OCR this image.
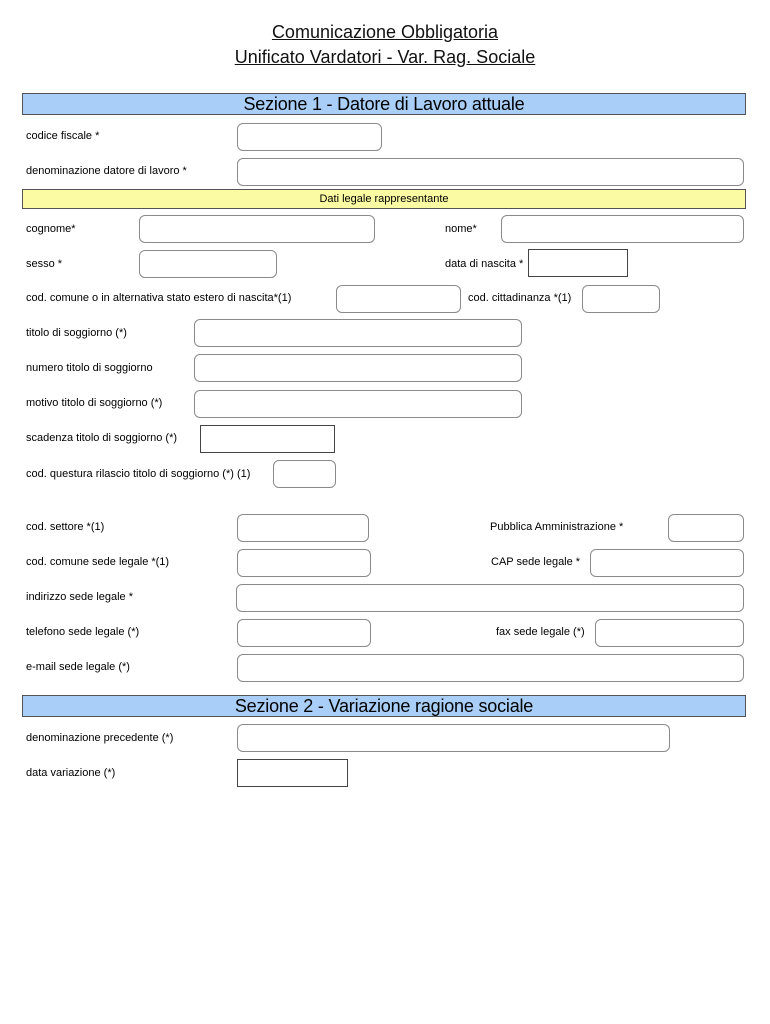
Comunicazione Obbligatoria
Unificato Vardatori - Var. Rag. Sociale
Sezione 1 - Datore di Lavoro attuale
codice fiscale *
denominazione datore di lavoro *
Dati legale rappresentante
cognome*	nome*
sesso *	data di nascita *
cod. comune o in alternativa stato estero di nascita*(1)	cod. cittadinanza *(1)
titolo di soggiorno (*)
numero titolo di soggiorno
motivo titolo di soggiorno (*)
scadenza titolo di soggiorno (*)
cod. questura rilascio titolo di soggiorno (*) (1)
cod. settore *(1)	Pubblica Amministrazione *
cod. comune sede legale *(1)	CAP sede legale *
indirizzo sede legale *
telefono sede legale (*)	fax sede legale (*)
e-mail sede legale (*)
Sezione 2 - Variazione ragione sociale
denominazione precedente (*)
data variazione (*)
